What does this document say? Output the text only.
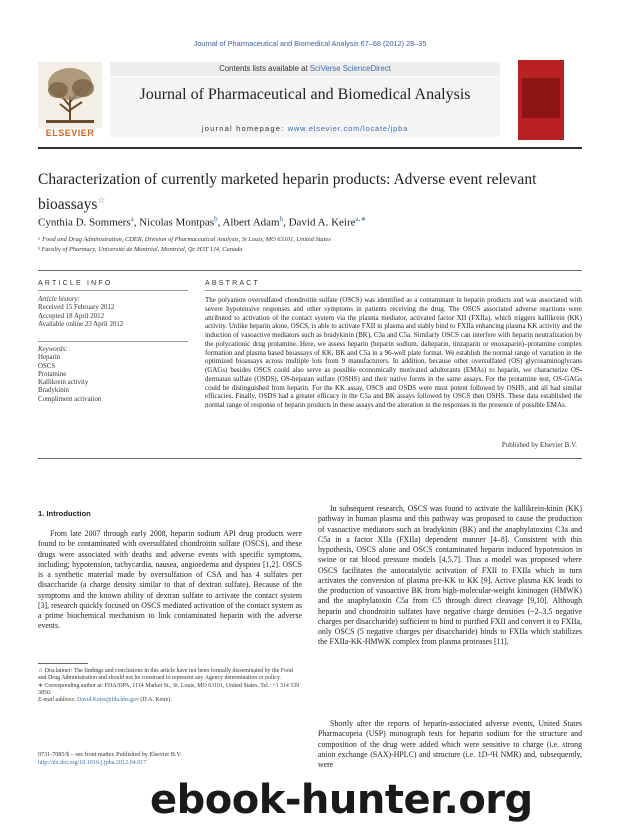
Journal of Pharmaceutical and Biomedical Analysis 67–68 (2012) 28–35
ELSEVIER
Contents lists available at SciVerse ScienceDirect
Journal of Pharmaceutical and Biomedical Analysis
journal homepage: www.elsevier.com/locate/jpba
Characterization of currently marketed heparin products: Adverse event relevant
bioassays☆
Cynthia D. Sommers$^a$, Nicolas Montpas$^b$, Albert Adam$^b$, David A. Keire$^{a,∗}$
ᵃ Food and Drug Administration, CDER, Division of Pharmaceutical Analysis, St Louis, MO 63101, United States
ᵇ Faculty of Pharmacy, Université de Montréal, Montréal, Qc H3T 1J4, Canada
ARTICLE INFO	ABSTRACT
Article history:
Received 15 February 2012
Accepted 18 April 2012
Available online 23 April 2012
Keywords:
Heparin
OSCS
Protamine
Kallikrein activity
Bradykinin
Compliment activation
The polyanion oversulfated chondroitin sulfate (OSCS) was identified as a contaminant in heparin products and was associated with severe hypotensive responses and other symptoms in patients receiving the drug. The OSCS associated adverse reactions were attributed to activation of the contact system via the plasma mediator, activated factor XII (FXIIa), which triggers kallikrein (KK) activity. Unlike heparin alone, OSCS, is able to activate FXII in plasma and stably bind to FXIIa enhancing plasma KK activity and the induction of vasoactive mediators such as bradykinin (BK), C3a and C5a. Similarly OSCS can interfere with heparin neutralization by the polycationic drug protamine. Here, we assess heparin (heparin sodium, dalteparin, tinzaparin or enoxaparin)–protamine complex formation and plasma based bioassays of KK, BK and C5a in a 96-well plate format. We establish the normal range of variation in the optimized bioassays across multiple lots from 9 manufacturers. In addition, because other oversulfated (OS) glycosaminoglycans (GAGs) besides OSCS could also serve as possible economically motivated adulterants (EMAs) to heparin, we characterize OS-dermatan sulfate (OSDS), OS-heparan sulfate (OSHS) and their native forms in the same assays. For the protamine test, OS-GAGs could be distinguished from heparin. For the KK assay, OSCS and OSDS were most potent followed by OSHS, and all had similar efficacies. Finally, OSDS had a greater efficacy in the C5a and BK assays followed by OSCS then OSHS. These data established the normal range of response of heparin products in these assays and the alteration in the responses in the presence of possible EMAs.
Published by Elsevier B.V.
1. Introduction
From late 2007 through early 2008, heparin sodium API drug products were found to be contaminated with oversulfated chondroitin sulfate (OSCS), and these drugs were associated with deaths and adverse events with specific symptoms, including; hypotension, tachycardia, nausea, angioedema and dyspnea [1,2]. OSCS is a synthetic material made by oversulfation of CSA and has 4 sulfates per disaccharide (a charge density similar to that of dextran sulfate). Because of the symptoms and the known ability of dextran sulfate to activate the contact system [3], research quickly focused on OSCS mediated activation of the contact system as a prime biochemical mechanism to link contaminated heparin with the adverse events.
In subsequent research, OSCS was found to activate the kallikrein-kinin (KK) pathway in human plasma and this pathway was proposed to cause the production of vasoactive mediators such as bradykinin (BK) and the anaphylatoxins C3a and C5a in a factor XIIa (FXIIa) dependent manner [4–8]. Consistent with this hypothesis, OSCS alone and OSCS contaminated heparin induced hypotension in swine or rat blood pressure models [4,5,7]. Thus a model was proposed where OSCS facilitates the autocatalytic activation of FXII to FXIIa which in turn activates the conversion of plasma pre-KK to KK [9]. Active plasma KK leads to the production of vasoactive BK from high-molecular-weight kininogen (HMWK) and the anaphylatoxin C5a from C5 through direct cleavage [9,10]. Although heparin and chondroitin sulfates have negative charge densities (~2–3.5 negative charges per disaccharide) sufficient to bind to purified FXII and convert it to FXIIa, only OSCS (5 negative charges per disaccharide) binds to FXIIa which stabilizes the FXIIa-KK-HMWK complex from plasma proteases [11].
Shortly after the reports of heparin-associated adverse events, United States Pharmacopeia (USP) monograph tests for heparin sodium for the structure and composition of the drug were added which were sensitive to charge (i.e. strong anion exchange (SAX)-HPLC) and structure (i.e. 1D-¹H NMR) and, subsequently, were
☆ Disclaimer: The findings and conclusions in this article have not been formally disseminated by the Food and Drug Administration and should not be construed to represent any Agency determination or policy.
∗ Corresponding author at: FDA/DPA, 1114 Market St., St. Louis, MO 63101, United States. Tel.: +1 314 539 3850.
E-mail address: David.Keire@fda.hhs.gov (D.A. Keire).
0731-7085/$ – see front matter. Published by Elsevier B.V.
http://dx.doi.org/10.1016/j.jpba.2012.04.017
ebook-hunter.org
